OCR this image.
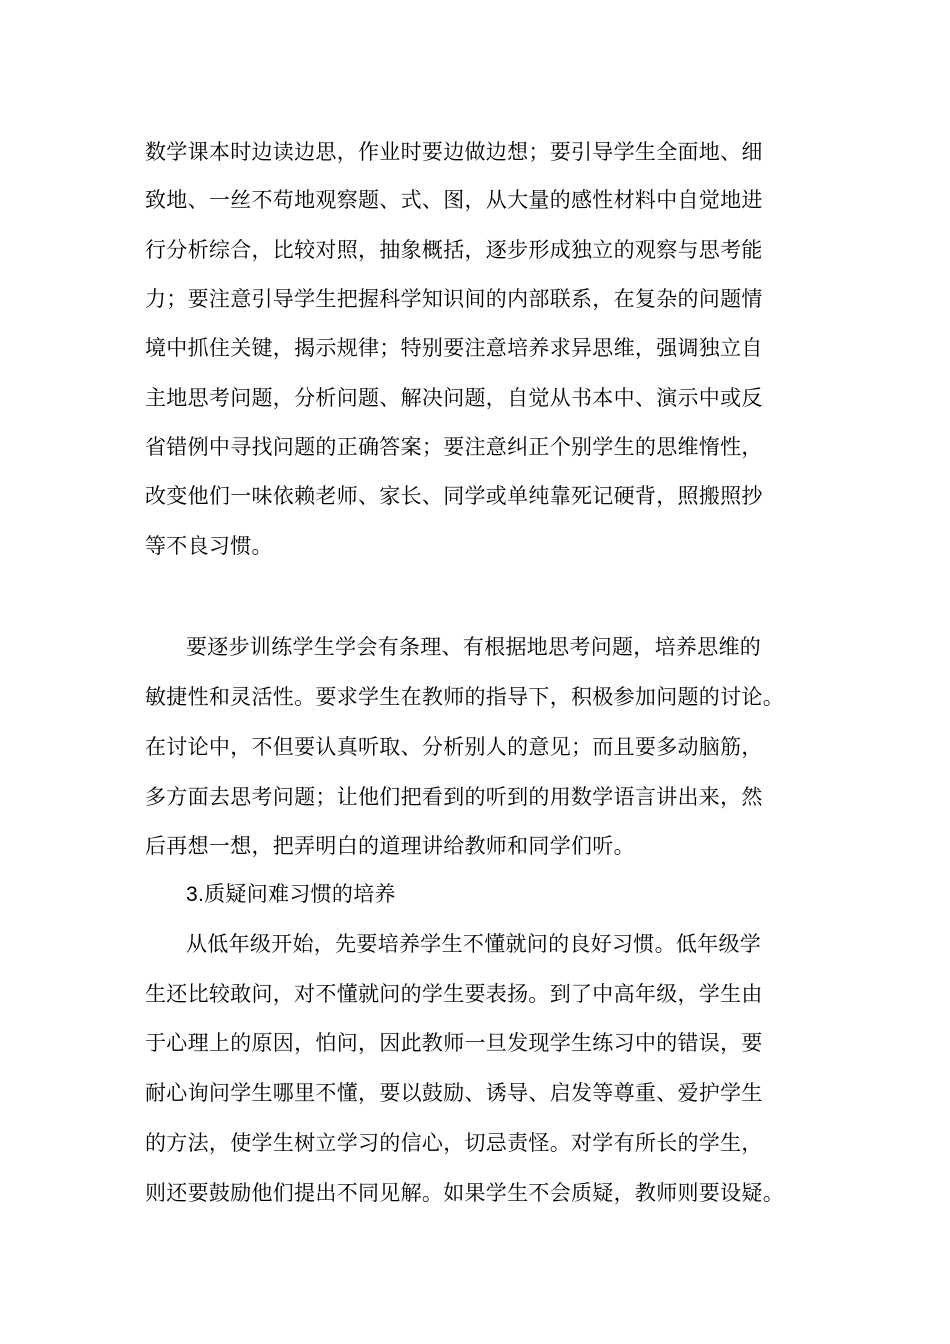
数学课本时边读边思，作业时要边做边想；要引导学生全面地、细
致地、一丝不苟地观察题、式、图，从大量的感性材料中自觉地进
行分析综合，比较对照，抽象概括，逐步形成独立的观察与思考能
力；要注意引导学生把握科学知识间的内部联系，在复杂的问题情
境中抓住关键，揭示规律；特别要注意培养求异思维，强调独立自
主地思考问题，分析问题、解决问题，自觉从书本中、演示中或反
省错例中寻找问题的正确答案；要注意纠正个别学生的思维惰性，
改变他们一味依赖老师、家长、同学或单纯靠死记硬背，照搬照抄
等不良习惯。
要逐步训练学生学会有条理、有根据地思考问题，培养思维的
敏捷性和灵活性。要求学生在教师的指导下，积极参加问题的讨论。
在讨论中，不但要认真听取、分析别人的意见；而且要多动脑筋，
多方面去思考问题；让他们把看到的听到的用数学语言讲出来，然
后再想一想，把弄明白的道理讲给教师和同学们听。
3.质疑问难习惯的培养
从低年级开始，先要培养学生不懂就问的良好习惯。低年级学
生还比较敢问，对不懂就问的学生要表扬。到了中高年级，学生由
于心理上的原因，怕问，因此教师一旦发现学生练习中的错误，要
耐心询问学生哪里不懂，要以鼓励、诱导、启发等尊重、爱护学生
的方法，使学生树立学习的信心，切忌责怪。对学有所长的学生，
则还要鼓励他们提出不同见解。如果学生不会质疑，教师则要设疑。
